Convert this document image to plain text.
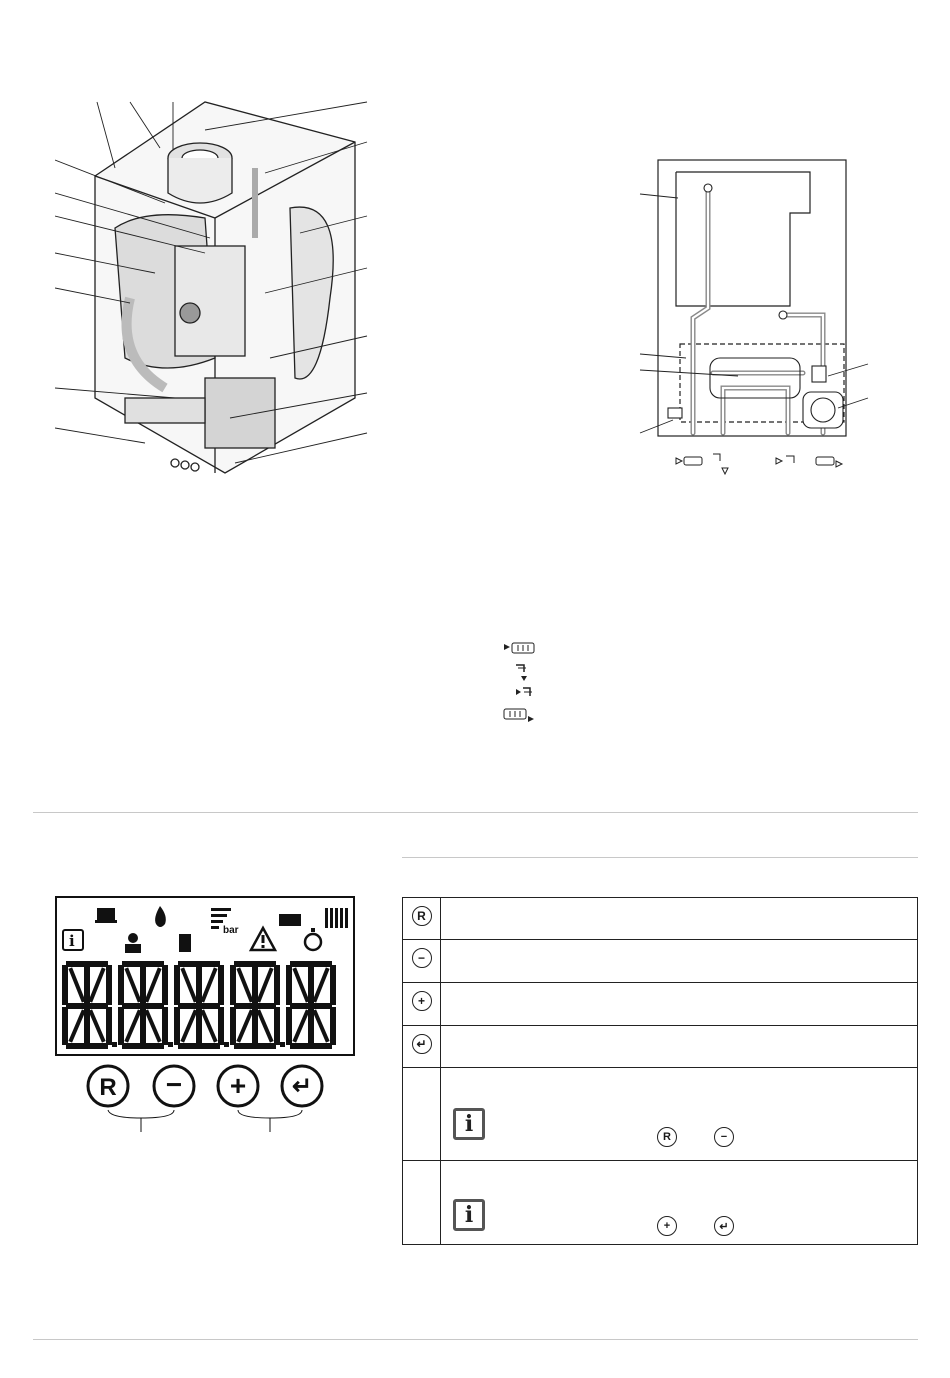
i
bar
R − + ↵
R	

−	

+	

↵	

i R −

i + ↵
